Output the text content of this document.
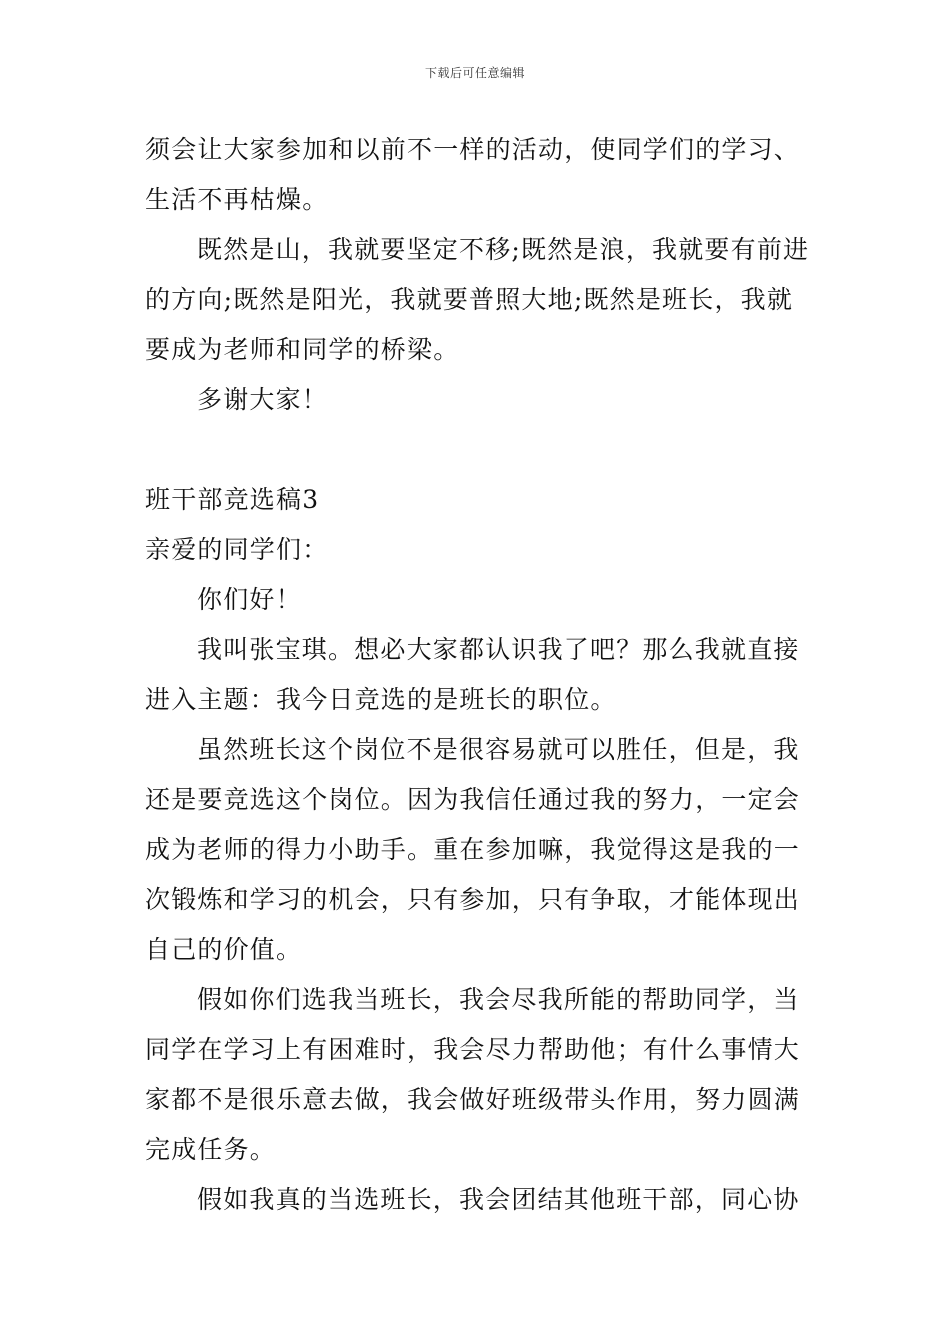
下载后可任意编辑
须会让大家参加和以前不一样的活动，使同学们的学习、
生活不再枯燥。
既然是山，我就要坚定不移;既然是浪，我就要有前进
的方向;既然是阳光，我就要普照大地;既然是班长，我就
要成为老师和同学的桥梁。
多谢大家！
班干部竞选稿3
亲爱的同学们：
你们好！
我叫张宝琪。想必大家都认识我了吧？那么我就直接
进入主题：我今日竞选的是班长的职位。
虽然班长这个岗位不是很容易就可以胜任，但是，我
还是要竞选这个岗位。因为我信任通过我的努力，一定会
成为老师的得力小助手。重在参加嘛，我觉得这是我的一
次锻炼和学习的机会，只有参加，只有争取，才能体现出
自己的价值。
假如你们选我当班长，我会尽我所能的帮助同学，当
同学在学习上有困难时，我会尽力帮助他；有什么事情大
家都不是很乐意去做，我会做好班级带头作用，努力圆满
完成任务。
假如我真的当选班长，我会团结其他班干部，同心协
